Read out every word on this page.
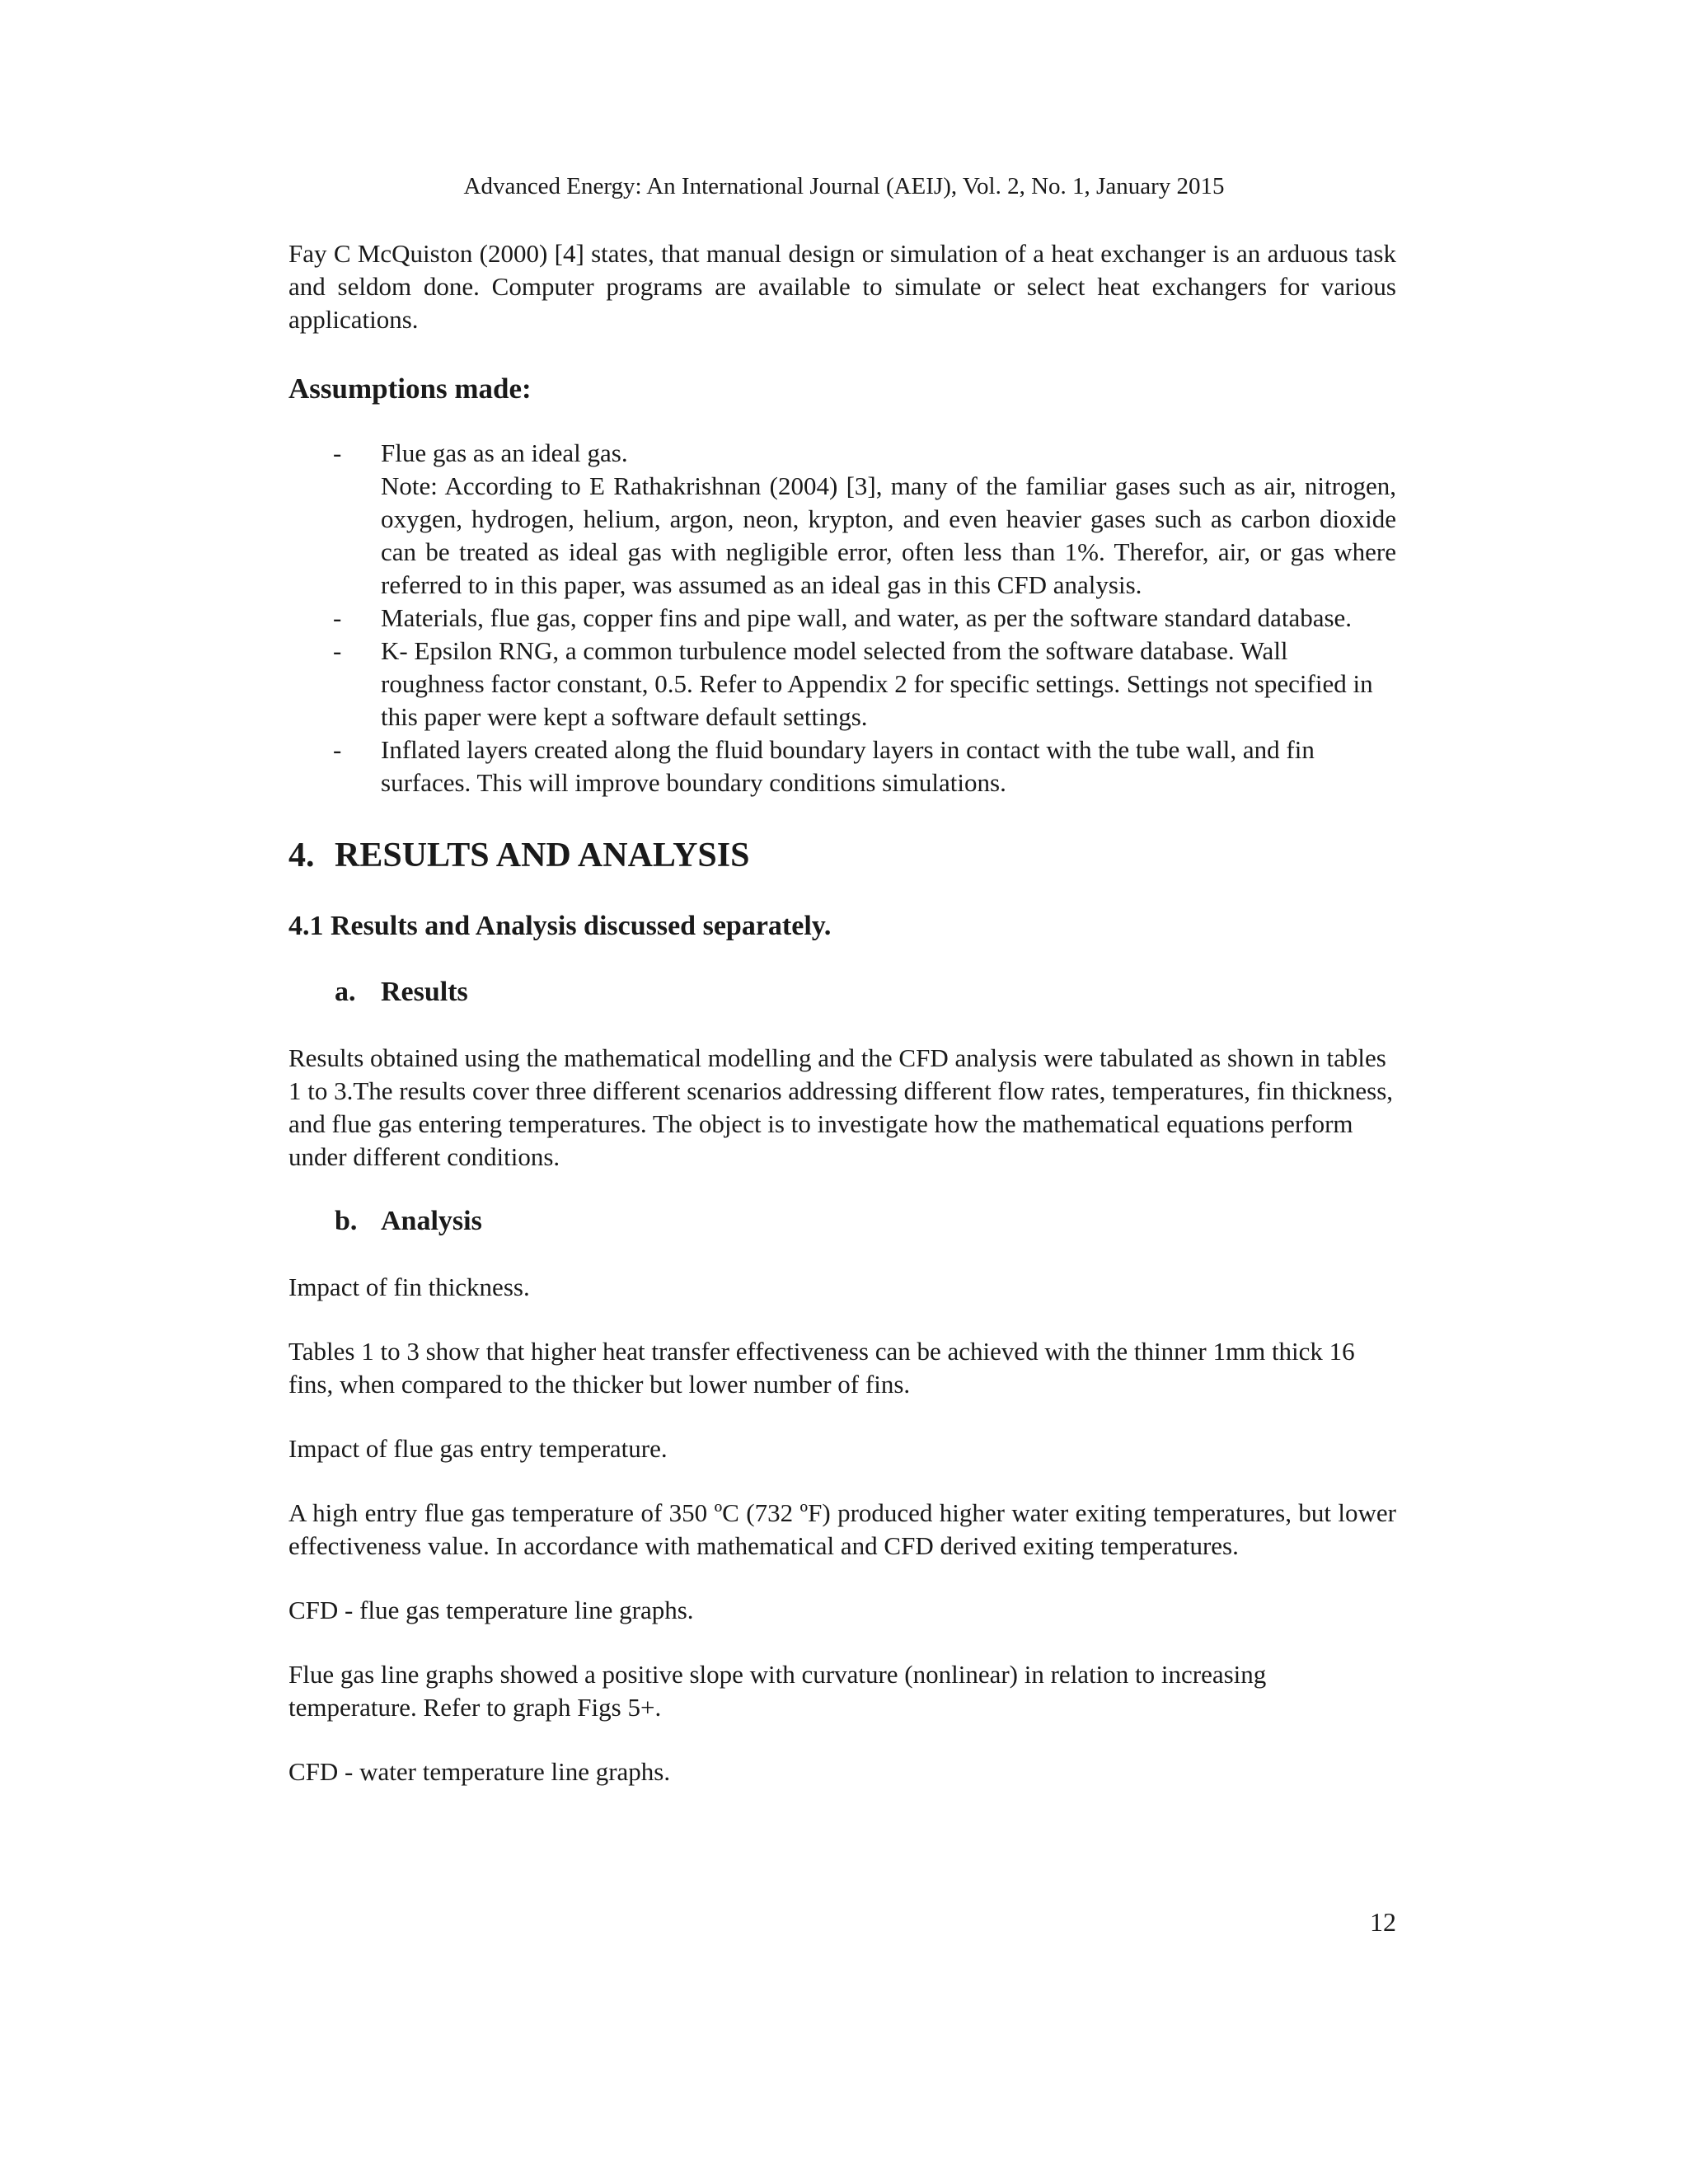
Advanced Energy: An International Journal (AEIJ), Vol. 2, No. 1, January 2015

Fay C McQuiston (2000) [4] states, that manual design or simulation of a heat exchanger is an arduous task and seldom done. Computer programs are available to simulate or select heat exchangers for various applications.

Assumptions made:
- Flue gas as an ideal gas.
Note: According to E Rathakrishnan (2004) [3], many of the familiar gases such as air, nitrogen, oxygen, hydrogen, helium, argon, neon, krypton, and even heavier gases such as carbon dioxide can be treated as ideal gas with negligible error, often less than 1%. Therefor, air, or gas where referred to in this paper, was assumed as an ideal gas in this CFD analysis.
- Materials, flue gas, copper fins and pipe wall, and water, as per the software standard database.
- K- Epsilon RNG, a common turbulence model selected from the software database. Wall roughness factor constant, 0.5. Refer to Appendix 2 for specific settings. Settings not specified in this paper were kept a software default settings.
- Inflated layers created along the fluid boundary layers in contact with the tube wall, and fin surfaces. This will improve boundary conditions simulations.
4. RESULTS AND ANALYSIS
4.1 Results and Analysis discussed separately.
a. Results

Results obtained using the mathematical modelling and the CFD analysis were tabulated as shown in tables 1 to 3.The results cover three different scenarios addressing different flow rates, temperatures, fin thickness, and flue gas entering temperatures. The object is to investigate how the mathematical equations perform under different conditions.

b. Analysis

Impact of fin thickness.

Tables 1 to 3 show that higher heat transfer effectiveness can be achieved with the thinner 1mm thick 16 fins, when compared to the thicker but lower number of fins.

Impact of flue gas entry temperature.

A high entry flue gas temperature of 350 ºC (732 ºF) produced higher water exiting temperatures, but lower effectiveness value. In accordance with mathematical and CFD derived exiting temperatures.

CFD - flue gas temperature line graphs.

Flue gas line graphs showed a positive slope with curvature (nonlinear) in relation to increasing temperature. Refer to graph Figs 5+.

CFD - water temperature line graphs.

12
